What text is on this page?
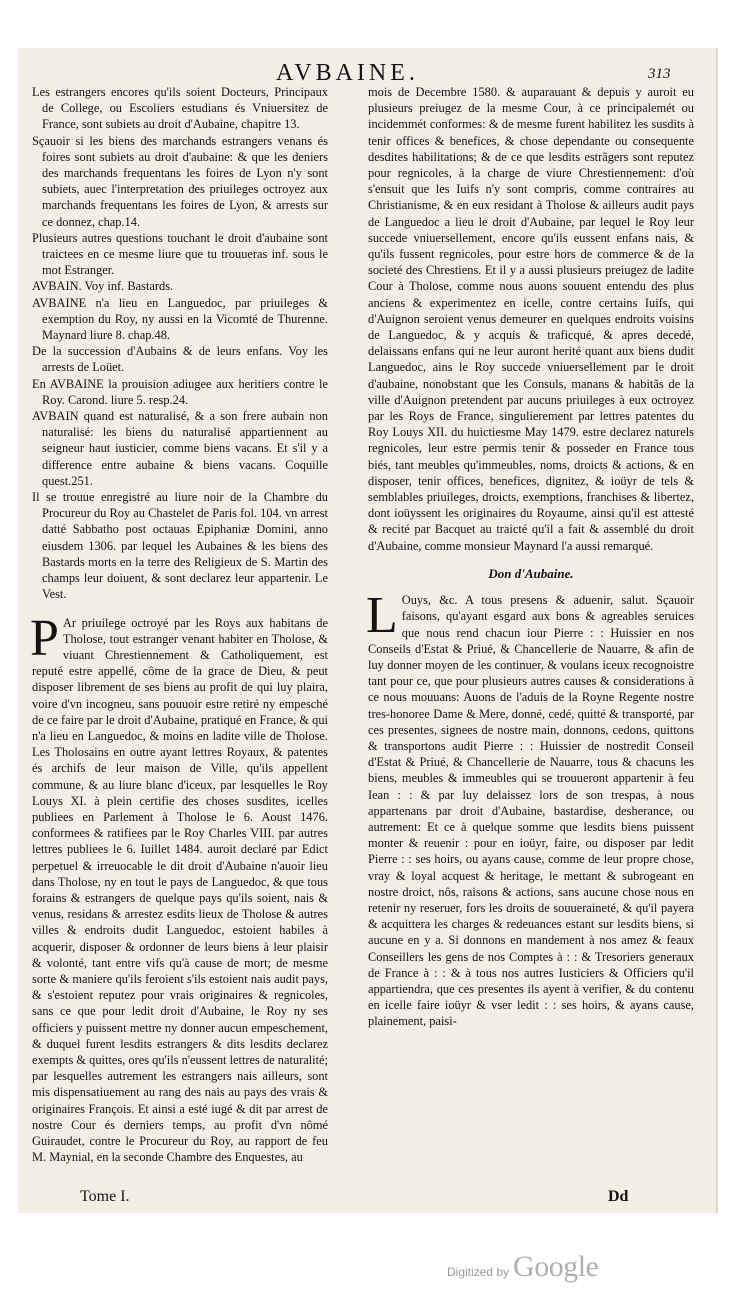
AVBAINE.	313

Les estrangers encores qu'ils soient Docteurs, Principaux de College, ou Escoliers estudians és Vniuersitez de France, sont subiets au droit d'Aubaine, chapitre 13.

Sçauoir si les biens des marchands estrangers venans és foires sont subiets au droit d'aubaine: & que les deniers des marchands frequentans les foires de Lyon n'y sont subiets, auec l'interpretation des priuileges octroyez aux marchands frequentans les foires de Lyon, & arrests sur ce donnez, chap.14.

Plusieurs autres questions touchant le droit d'aubaine sont traictees en ce mesme liure que tu trouueras inf. sous le mot Estranger.

AVBAIN. Voy inf. Bastards.

AVBAINE n'a lieu en Languedoc, par priuileges & exemption du Roy, ny aussi en la Vicomté de Thurenne. Maynard liure 8. chap.48.

De la succession d'Aubains & de leurs enfans. Voy les arrests de Loüet.

En AVBAINE la prouision adiugee aux heritiers contre le Roy. Carond. liure 5. resp.24.

AVBAIN quand est naturalisé, & a son frere aubain non naturalisé: les biens du naturalisé appartiennent au seigneur haut iusticier, comme biens vacans. Et s'il y a difference entre aubaine & biens vacans. Coquille quest.251.

Il se trouue enregistré au liure noir de la Chambre du Procureur du Roy au Chastelet de Paris fol. 104. vn arrest datté Sabbatho post octauas Epiphaniæ Domini, anno eiusdem 1306. par lequel les Aubaines & les biens des Bastards morts en la terre des Religieux de S. Martin des champs leur doiuent, & sont declarez leur appartenir. Le Vest.

P Ar priuilege octroyé par les Roys aux habitans de Tholose, tout estranger venant habiter en Tholose, & viuant Chrestiennement & Catholiquement, est reputé estre appellé, côme de la grace de Dieu, & peut disposer librement de ses biens au profit de qui luy plaira, voire d'vn incogneu, sans pouuoir estre retiré ny empesché de ce faire par le droit d'Aubaine, pratiqué en France, & qui n'a lieu en Languedoc, & moins en ladite ville de Tholose. Les Tholosains en outre ayant lettres Royaux, & patentes és archifs de leur maison de Ville, qu'ils appellent commune, & au liure blanc d'iceux, par lesquelles le Roy Louys XI. à plein certifie des choses susdites, icelles publiees en Parlement à Tholose le 6. Aoust 1476. conformees & ratifiees par le Roy Charles VIII. par autres lettres publiees le 6. Iuillet 1484. auroit declaré par Edict perpetuel & irreuocable le dit droit d'Aubaine n'auoir lieu dans Tholose, ny en tout le pays de Languedoc, & que tous forains & estrangers de quelque pays qu'ils soient, nais & venus, residans & arrestez esdits lieux de Tholose & autres villes & endroits dudit Languedoc, estoient habiles à acquerir, disposer & ordonner de leurs biens à leur plaisir & volonté, tant entre vifs qu'à cause de mort; de mesme sorte & maniere qu'ils feroient s'ils estoient nais audit pays, & s'estoient reputez pour vrais originaires & regnicoles, sans ce que pour ledit droit d'Aubaine, le Roy ny ses officiers y puissent mettre ny donner aucun empeschement, & duquel furent lesdits estrangers & dits lesdits declarez exempts & quittes, ores qu'ils n'eussent lettres de naturalité; par lesquelles autrement les estrangers nais ailleurs, sont mis dispensatiuement au rang des nais au pays des vrais & originaires François. Et ainsi a esté iugé & dit par arrest de nostre Cour és derniers temps, au profit d'vn nômé Guiraudet, contre le Procureur du Roy, au rapport de feu M. Maynial, en la seconde Chambre des Enquestes, au

mois de Decembre 1580. & auparauant & depuis y auroit eu plusieurs preiugez de la mesme Cour, à ce principalemét ou incidemmét conformes: & de mesme furent habilitez les susdits à tenir offices & benefices, & chose dependante ou consequente desdites habilitations; & de ce que lesdits estrãgers sont reputez pour regnicoles, à la charge de viure Chrestiennement: d'où s'ensuit que les Iuifs n'y sont compris, comme contraires au Christianisme, & en eux residant à Tholose & ailleurs audit pays de Languedoc a lieu le droit d'Aubaine, par lequel le Roy leur succede vniuersellement, encore qu'ils eussent enfans nais, & qu'ils fussent regnicoles, pour estre hors de commerce & de la societé des Chrestiens. Et il y a aussi plusieurs preiugez de ladite Cour à Tholose, comme nous auons souuent entendu des plus anciens & experimentez en icelle, contre certains Iuifs, qui d'Auignon seroient venus demeurer en quelques endroits voisins de Languedoc, & y acquis & traficqué, & apres decedé, delaissans enfans qui ne leur auront herité quant aux biens dudit Languedoc, ains le Roy succede vniuersellement par le droit d'aubaine, nonobstant que les Consuls, manans & habitãs de la ville d'Auignon pretendent par aucuns priuileges à eux octroyez par les Roys de France, singulierement par lettres patentes du Roy Louys XII. du huictiesme May 1479. estre declarez naturels regnicoles, leur estre permis tenir & posseder en France tous biés, tant meubles qu'immeubles, noms, droicts & actions, & en disposer, tenir offices, benefices, dignitez, & ioüyr de tels & semblables priuileges, droicts, exemptions, franchises & libertez, dont ioüyssent les originaires du Royaume, ainsi qu'il est attesté & recité par Bacquet au traicté qu'il a fait & assemblé du droit d'Aubaine, comme monsieur Maynard l'a aussi remarqué.

Don d'Aubaine.

L Ouys, &c. A tous presens & aduenir, salut. Sçauoir faisons, qu'ayant esgard aux bons & agreables seruices que nous rend chacun iour Pierre : : Huissier en nos Conseils d'Estat & Priué, & Chancellerie de Nauarre, & afin de luy donner moyen de les continuer, & voulans iceux recognoistre tant pour ce, que pour plusieurs autres causes & considerations à ce nous mouuans: Auons de l'aduis de la Royne Regente nostre tres-honoree Dame & Mere, donné, cedé, quitté & transporté, par ces presentes, signees de nostre main, donnons, cedons, quittons & transportons audit Pierre : : Huissier de nostredit Conseil d'Estat & Priué, & Chancellerie de Nauarre, tous & chacuns les biens, meubles & immeubles qui se trouueront appartenir à feu Iean : : & par luy delaissez lors de son trespas, à nous appartenans par droit d'Aubaine, bastardise, desherance, ou autrement: Et ce à quelque somme que lesdits biens puissent monter & reuenir : pour en ioüyr, faire, ou disposer par ledit Pierre : : ses hoirs, ou ayans cause, comme de leur propre chose, vray & loyal acquest & heritage, le mettant & subrogeant en nostre droict, nôs, raisons & actions, sans aucune chose nous en retenir ny reseruer, fors les droits de souueraineté, & qu'il payera & acquittera les charges & redeuances estant sur lesdits biens, si aucune en y a. Si donnons en mandement à nos amez & feaux Conseillers les gens de nos Comptes à : : & Tresoriers generaux de France à : : & à tous nos autres Iusticiers & Officiers qu'il appartiendra, que ces presentes ils ayent à verifier, & du contenu en icelle faire ioüyr & vser ledit : : ses hoirs, & ayans cause, plainement, paisi-

Tome I.	Dd
Digitized by Google
